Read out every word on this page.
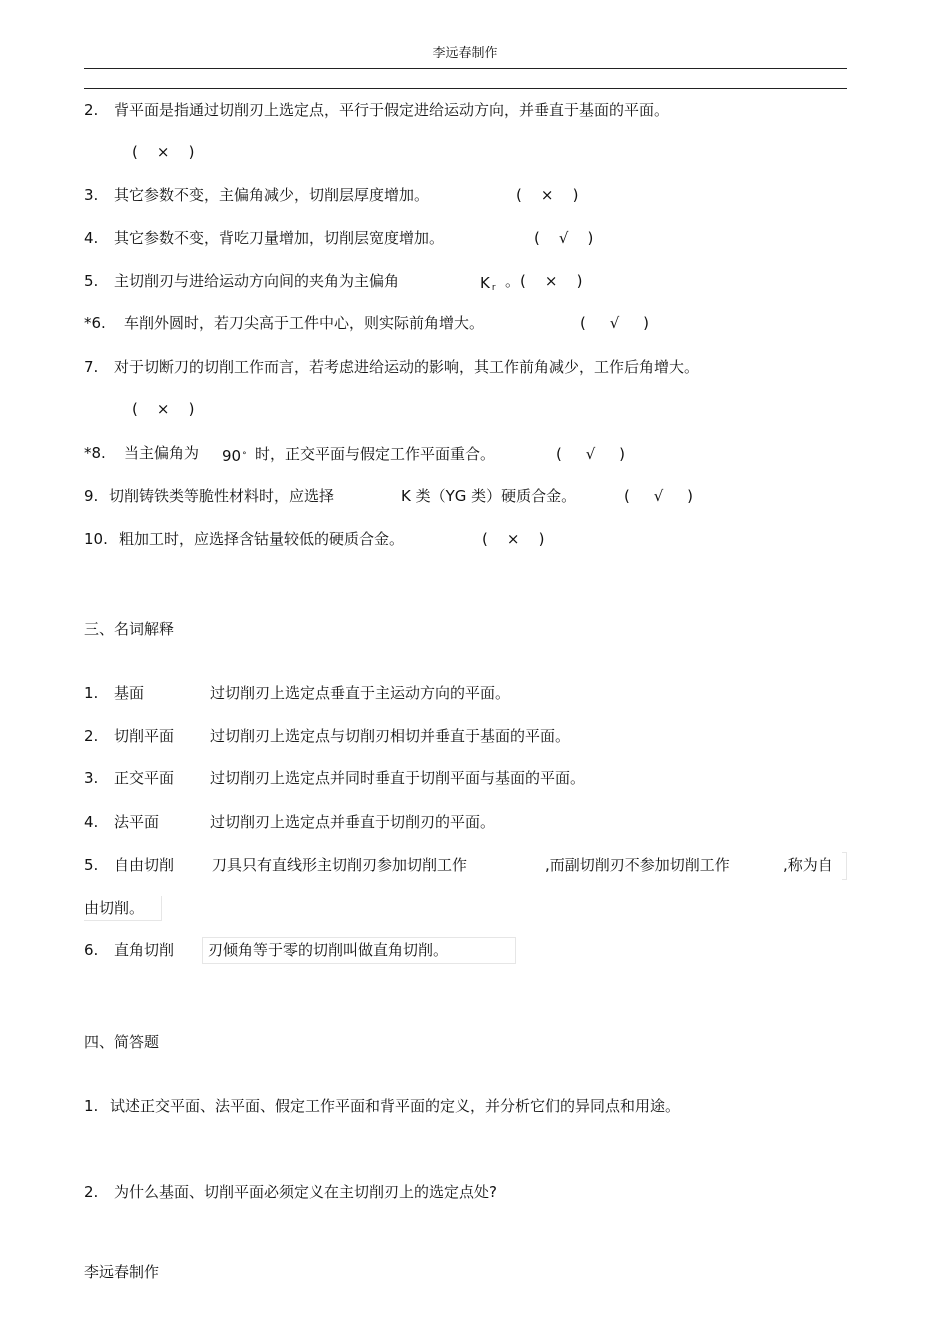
李远春制作
2. 背平面是指通过切削刃上选定点，平行于假定进给运动方向，并垂直于基面的平面。
(    ×    )
3. 其它参数不变，主偏角减少，切削层厚度增加。	(    ×    )
4. 其它参数不变，背吃刀量增加，切削层宽度增加。	(    √    )
5. 主切削刃与进给运动方向间的夹角为主偏角	K $_r$ 。(    ×    )
*6. 车削外圆时，若刀尖高于工件中心，则实际前角增大。	(     √     )
7. 对于切断刀的切削工作而言，若考虑进给运动的影响，其工作前角减少，工作后角增大。
(    ×    )
*8. 当主偏角为 90° 时，正交平面与假定工作平面重合。	(     √     )
9. 切削铸铁类等脆性材料时，应选择	K 类（YG 类）硬质合金。	(     √     )
10. 粗加工时，应选择含钴量较低的硬质合金。	(    ×    )
三、名词解释
1. 基面	过切削刃上选定点垂直于主运动方向的平面。
2. 切削平面 过切削刃上选定点与切削刃相切并垂直于基面的平面。
3. 正交平面 过切削刃上选定点并同时垂直于切削平面与基面的平面。
4. 法平面	过切削刃上选定点并垂直于切削刃的平面。
5. 自由切削	刀具只有直线形主切削刃参加切削工作	,而副切削刃不参加切削工作	,称为自
由切削。
6. 直角切削 刃倾角等于零的切削叫做直角切削。
四、简答题
1. 试述正交平面、法平面、假定工作平面和背平面的定义，并分析它们的异同点和用途。
2. 为什么基面、切削平面必须定义在主切削刃上的选定点处?
李远春制作
